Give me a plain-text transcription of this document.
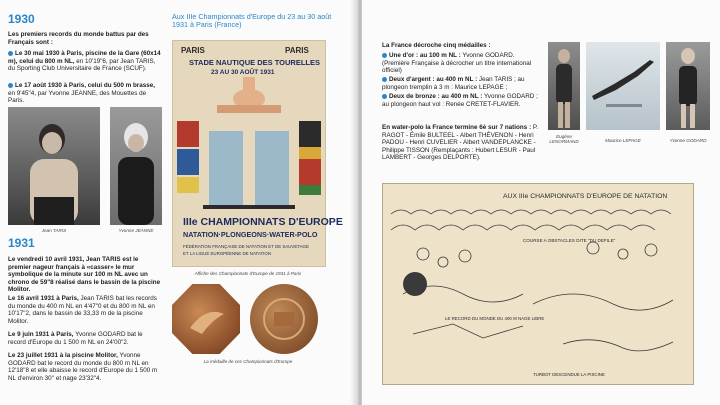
1930
Les premiers records du monde battus par des Français sont :
Le 30 mai 1930 à Paris, piscine de la Gare (60x14 m), celui du 800 m NL, en 10'19"6, par Jean TARIS, du Sporting Club Universitaire de France (SCUF).
Le 17 août 1930 à Paris, celui du 500 m brasse, en 9'45"4, par Yvonne JEANNE, des Mouettes de Paris.
Jean TARIS	Yvonne JEANNE
1931
Le vendredi 10 avril 1931, Jean TARIS est le premier nageur français à «casser» le mur symbolique de la minute sur 100 m NL avec un chrono de 59"8 réalisé dans le bassin de la piscine Molitor.
Le 16 avril 1931 à Paris, Jean TARIS bat les records du monde du 400 m NL en 4'47"0 et du 800 m NL en 10'17"2, dans le bassin de 33,33 m de la piscine Molitor.
Le 9 juin 1931 à Paris, Yvonne GODARD bat le record d'Europe du 1 500 m NL en 24'00"2.
Le 23 juillet 1931 à la piscine Molitor, Yvonne GODARD bat le record du monde du 800 m NL en 12'18"8 et elle abaisse le record d'Europe du 1 500 m NL d'environ 30'' et nage 23'32"4.
Aux IIIe Championnats d'Europe du 23 au 30 août 1931 à Paris (France)
PARIS	PARIS
STADE NAUTIQUE DES TOURELLES
23 AU 30 AOÛT 1931
IIIe CHAMPIONNATS D'EUROPE
NATATION·PLONGEONS·WATER-POLO
FÉDÉRATION FRANÇAISE DE NATATION ET DE SAUVETAGE
ET LA LIGUE EUROPÉENNE DE NATATION
Affiche des Championnats d'Europe de 1931 à Paris
La médaille de ces Championnats d'Europe
La France décroche cinq médailles :
Une d'or : au 100 m NL : Yvonne GODARD. (Première Française à décrocher un titre international officiel)
Deux d'argent : au 400 m NL : Jean TARIS ; au plongeon tremplin à 3 m : Maurice LEPAGE ;
Deux de bronze : au 400 m NL : Yvonne GODARD ; au plongeon haut vol : Renée CRETET-FLAVIER.
En water-polo la France termine 6è sur 7 nations : P. RAGOT - Émile BULTEEL - Albert THÉVENON - Henri PADOU - Henri CUVELIER - Albert VANDEPLANCKE - Philippe TISSON (Remplaçants : Hubert LESUR - Paul LAMBERT - Georges DELPORTE).
Eugène LENORMAND	Maurice LEPAGE	Yvonne GODARD
AUX IIIe CHAMPIONNATS D'EUROPE DE NATATION
COURSE A OBSTACLES DITE "DU DEFILE"
LE RECORD DU MONDE DU 400 M NAGE LIBRE
TURBOT DESCENDUE LA PISCINE
